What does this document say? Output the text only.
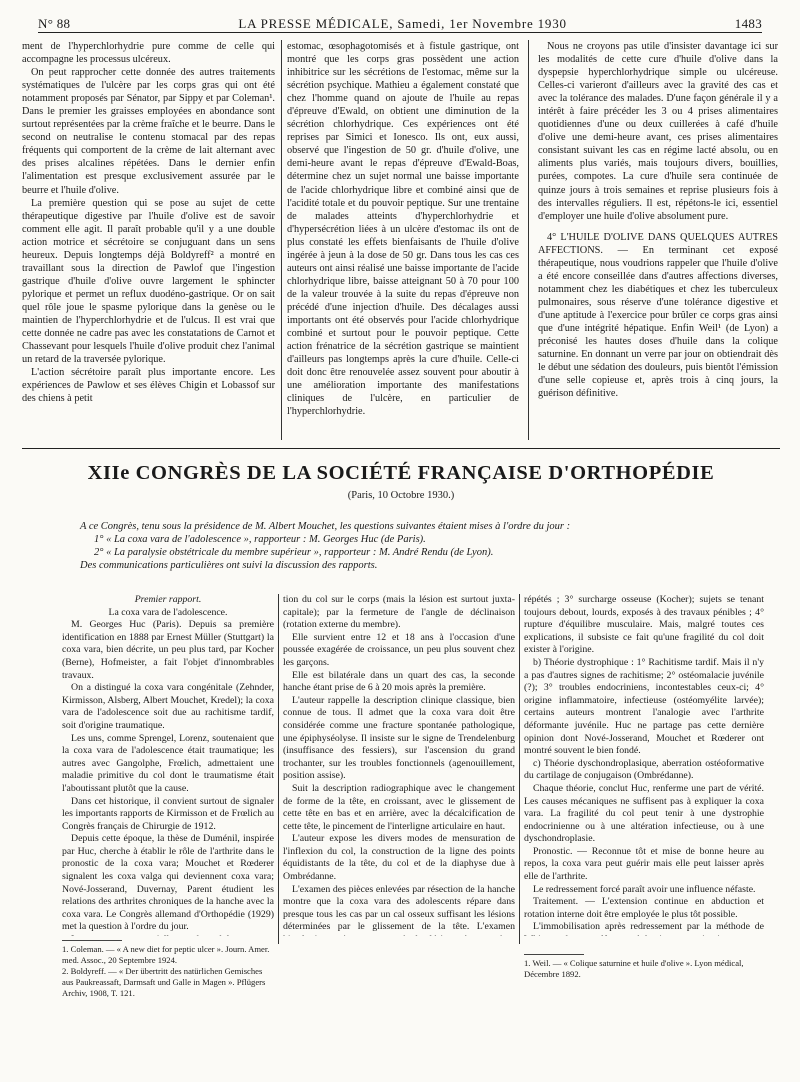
N° 88	LA PRESSE MÉDICALE, Samedi, 1er Novembre 1930	1483

ment de l'hyperchlorhydrie pure comme de celle qui accompagne les processus ulcéreux.

On peut rapprocher cette donnée des autres traitements systématiques de l'ulcère par les corps gras qui ont été notamment proposés par Sénator, par Sippy et par Coleman¹. Dans le premier les graisses employées en abondance sont surtout représentées par la crème fraîche et le beurre. Dans le second on neutralise le contenu stomacal par des repas fréquents qui comportent de la crème de lait alternant avec des prises alcalines répétées. Dans le dernier enfin l'alimentation est presque exclusivement assurée par le beurre et l'huile d'olive.

La première question qui se pose au sujet de cette thérapeutique digestive par l'huile d'olive est de savoir comment elle agit. Il paraît probable qu'il y a une double action motrice et sécrétoire se conjuguant dans un sens heureux. Depuis longtemps déjà Boldyreff² a montré en travaillant sous la direction de Pawlof que l'ingestion gastrique d'huile d'olive ouvre largement le sphincter pylorique et permet un reflux duodéno-gastrique. Or on sait quel rôle joue le spasme pylorique dans la genèse ou le maintien de l'hyperchlorhydrie et de l'ulcus. Il est vrai que cette donnée ne cadre pas avec les constatations de Carnot et Chassevant pour lesquels l'huile d'olive produit chez l'animal un retard de la traversée pylorique.

L'action sécrétoire paraît plus importante encore. Les expériences de Pawlow et ses élèves Chigin et Lobassof sur des chiens à petit

estomac, œsophagotomisés et à fistule gastrique, ont montré que les corps gras possèdent une action inhibitrice sur les sécrétions de l'estomac, même sur la sécrétion psychique. Mathieu a également constaté que chez l'homme quand on ajoute de l'huile au repas d'épreuve d'Ewald, on obtient une diminution de la sécrétion chlorhydrique. Ces expériences ont été reprises par Simici et Ionesco. Ils ont, eux aussi, observé que l'ingestion de 50 gr. d'huile d'olive, une demi-heure avant le repas d'épreuve d'Ewald-Boas, détermine chez un sujet normal une baisse importante de l'acide chlorhydrique libre et combiné ainsi que de l'acidité totale et du pouvoir peptique. Sur une trentaine de malades atteints d'hyperchlorhydrie et d'hypersécrétion liées à un ulcère d'estomac ils ont de plus constaté les effets bienfaisants de l'huile d'olive ingérée à jeun à la dose de 50 gr. Dans tous les cas ces auteurs ont ainsi réalisé une baisse importante de l'acide chlorhydrique libre, baisse atteignant 50 à 70 pour 100 de la valeur trouvée à la suite du repas d'épreuve non précédé d'une injection d'huile. Des décalages aussi importants ont été observés pour l'acide chlorhydrique combiné et surtout pour le pouvoir peptique. Cette action frénatrice de la sécrétion gastrique se maintient d'ailleurs pas longtemps après la cure d'huile. Celle-ci doit donc être renouvelée assez souvent pour aboutir à une amélioration importante des manifestations cliniques de l'ulcère, en particulier de l'hyperchlorhydrie.

Nous ne croyons pas utile d'insister davantage ici sur les modalités de cette cure d'huile d'olive dans la dyspepsie hyperchlorhydrique simple ou ulcéreuse. Celles-ci varieront d'ailleurs avec la gravité des cas et avec la tolérance des malades. D'une façon générale il y a intérêt à faire précéder les 3 ou 4 prises alimentaires quotidiennes d'une ou deux cuillerées à café d'huile d'olive une demi-heure avant, ces prises alimentaires consistant suivant les cas en régime lacté absolu, ou en aliments plus variés, mais toujours divers, bouillies, purées, compotes. La cure d'huile sera continuée de quinze jours à trois semaines et reprise plusieurs fois à des intervalles réguliers. Il est, répétons-le ici, essentiel d'employer une huile d'olive absolument pure.

4° L'HUILE D'OLIVE DANS QUELQUES AUTRES AFFECTIONS. — En terminant cet exposé thérapeutique, nous voudrions rappeler que l'huile d'olive a été encore conseillée dans d'autres affections diverses, notamment chez les diabétiques et chez les tuberculeux pulmonaires, sous réserve d'une tolérance digestive et d'une aptitude à l'exercice pour brûler ce corps gras ainsi que d'une intégrité hépatique. Enfin Weil¹ (de Lyon) a préconisé les hautes doses d'huile dans la colique saturnine. En donnant un verre par jour on obtiendrait dès le début une sédation des douleurs, puis bientôt l'émission d'une selle copieuse et, après trois à cinq jours, la guérison définitive.

XIIe CONGRÈS DE LA SOCIÉTÉ FRANÇAISE D'ORTHOPÉDIE
(Paris, 10 Octobre 1930.)

A ce Congrès, tenu sous la présidence de M. Albert Mouchet, les questions suivantes étaient mises à l'ordre du jour :

1° « La coxa vara de l'adolescence », rapporteur : M. Georges Huc (de Paris).

2° « La paralysie obstétricale du membre supérieur », rapporteur : M. André Rendu (de Lyon).

Des communications particulières ont suivi la discussion des rapports.

Premier rapport.

La coxa vara de l'adolescence.

M. Georges Huc (Paris). Depuis sa première identification en 1888 par Ernest Müller (Stuttgart) la coxa vara, bien décrite, un peu plus tard, par Kocher (Berne), Hofmeister, a fait l'objet d'innombrables travaux.

On a distingué la coxa vara congénitale (Zehnder, Kirmisson, Alsberg, Albert Mouchet, Kredel); la coxa vara de l'adolescence soit due au rachitisme tardif, soit d'origine traumatique.

Les uns, comme Sprengel, Lorenz, soutenaient que la coxa vara de l'adolescence était traumatique; les autres avec Gangolphe, Frœlich, admettaient une maladie primitive du col dont le traumatisme était l'aboutissant plutôt que la cause.

Dans cet historique, il convient surtout de signaler les importants rapports de Kirmisson et de Frœlich au Congrès français de Chirurgie de 1912.

Depuis cette époque, la thèse de Duménil, inspirée par Huc, cherche à établir le rôle de l'arthrite dans le pronostic de la coxa vara; Mouchet et Rœderer signalent les coxa valga qui deviennent coxa vara; Nové-Josserand, Duvernay, Parent étudient les relations des arthrites chroniques de la hanche avec la coxa vara. Le Congrès allemand d'Orthopédie (1929) met la question à l'ordre du jour.

tion du col sur le corps (mais la lésion est surtout juxta-capitale); par la fermeture de l'angle de déclinaison (rotation externe du membre).

Elle survient entre 12 et 18 ans à l'occasion d'une poussée exagérée de croissance, un peu plus souvent chez les garçons.

Elle est bilatérale dans un quart des cas, la seconde hanche étant prise de 6 à 20 mois après la première.

L'auteur rappelle la description clinique classique, bien connue de tous. Il admet que la coxa vara doit être considérée comme une fracture spontanée pathologique, une épiphyséolyse. Il insiste sur le signe de Trendelenburg (insuffisance des fessiers), sur l'ascension du grand trochanter, sur les troubles fonctionnels (agenouillement, position assise).

Suit la description radiographique avec le changement de forme de la tête, en croissant, avec le glissement de cette tête en bas et en arrière, avec la décalcification de cette tête, le pincement de l'interligne articulaire en haut.

L'auteur expose les divers modes de mensuration de l'inflexion du col, la construction de la ligne des points équidistants de la tête, du col et de la diaphyse due à Ombrédanne.

L'examen des pièces enlevées par résection de la hanche montre que la coxa vara des adolescents répare dans presque tous les cas par un cal osseux suffisant les lésions déterminées par le glissement de la tête. L'examen

répétés ; 3° surcharge osseuse (Kocher); sujets se tenant toujours debout, lourds, exposés à des travaux pénibles ; 4° rupture d'équilibre musculaire. Mais, malgré toutes ces explications, il subsiste ce fait qu'une fragilité du col doit exister à l'origine.

b) Théorie dystrophique : 1° Rachitisme tardif. Mais il n'y a pas d'autres signes de rachitisme; 2° ostéomalacie juvénile (?); 3° troubles endocriniens, incontestables ceux-ci; 4° origine inflammatoire, infectieuse (ostéomyélite larvée); certains auteurs montrent l'analogie avec l'arthrite déformante juvénile. Huc ne partage pas cette dernière opinion dont Nové-Josserand, Mouchet et Rœderer ont montré souvent le bien fondé.

c) Théorie dyschondroplasique, aberration ostéoformative du cartilage de conjugaison (Ombrédanne).

Chaque théorie, conclut Huc, renferme une part de vérité. Les causes mécaniques ne suffisent pas à expliquer la coxa vara. La fragilité du col peut tenir à une dystrophie endocrinienne ou à une altération infectieuse, ou à une dyschondroplasie.

Pronostic. — Reconnue tôt et mise de bonne heure au repos, la coxa vara peut guérir mais elle peut laisser après elle de l'arthrite.

Le redressement forcé paraît avoir une influence néfaste.

Traitement. — L'extension continue en abduction et rotation interne doit être employée le plus tôt possible.

L'immobilisation après redressement par la méthode de

1. Coleman. — « A new diet for peptic ulcer ». Journ. Amer. med. Assoc., 20 Septembre 1924.

2. Boldyreff. — « Der übertritt des natürlichen Gemisches aus Paukreassaft, Darmsaft und Galle in Magen ». Pflügers Archiv, 1908, T. 121.

1. Weil. — « Colique saturnine et huile d'olive ». Lyon médical, Décembre 1892.
